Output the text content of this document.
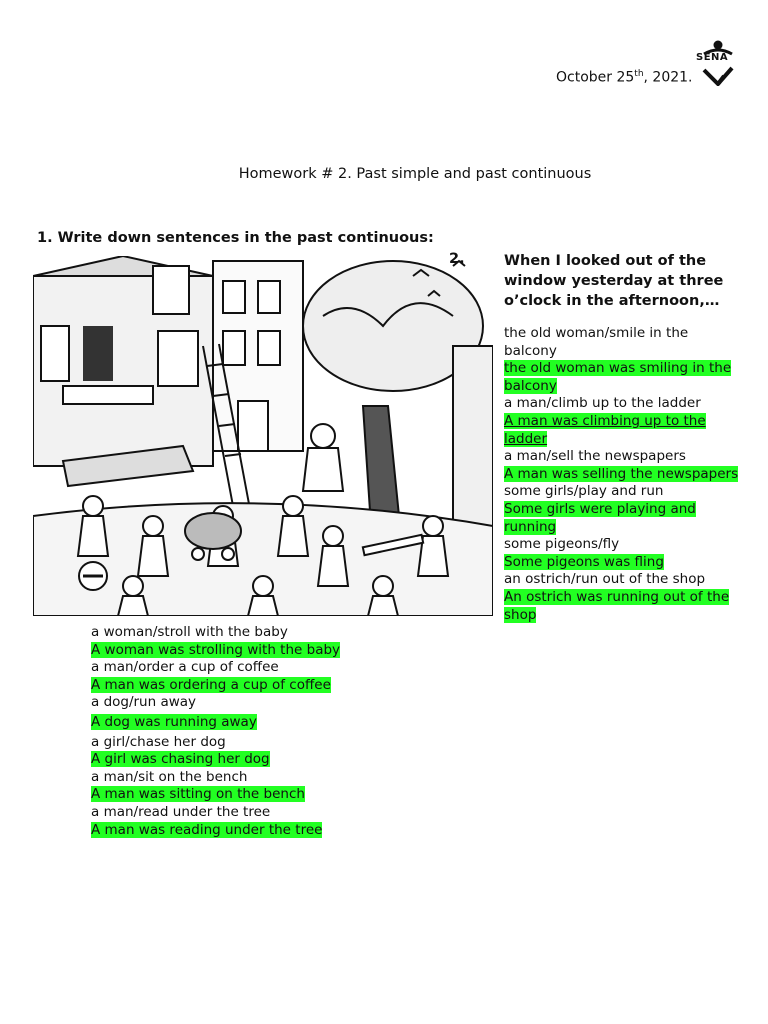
SENA
October 25th, 2021.
Homework # 2. Past simple and past continuous
1. Write down sentences in the past continuous:
2.	When I looked out of the window yesterday at three o’clock in the afternoon,…
the old woman/smile in the balcony
the old woman was smiling in the balcony
a man/climb up to the ladder
A man was climbing up to the ladder
a man/sell the newspapers
A man was selling the newspapers
some girls/play and run
Some girls were playing and running
some pigeons/fly
Some pigeons was fling
an ostrich/run out of the shop
An ostrich was running out of the shop
a woman/stroll with the baby
A woman was strolling with the baby
a man/order a cup of coffee
A man was ordering a cup of coffee
a dog/run away
A dog was running away
a girl/chase her dog
A girl was chasing her dog
a man/sit on the bench
A man was sitting on the bench
a man/read under the tree
A man was reading under the tree
